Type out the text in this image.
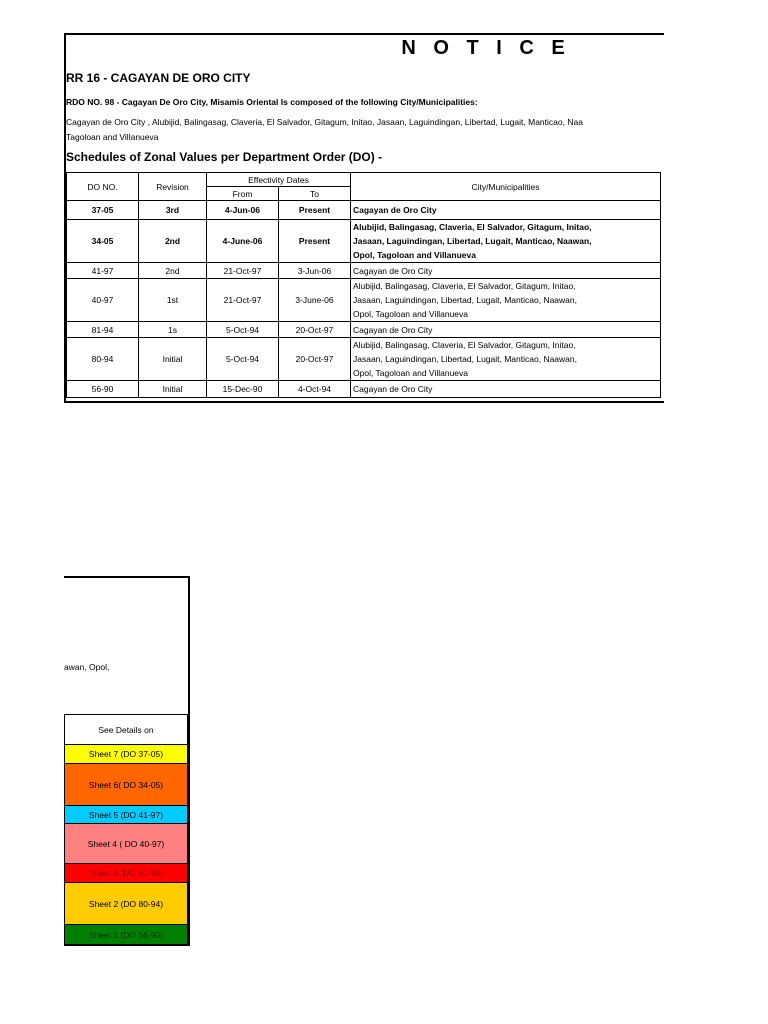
N O T I C E
RR 16 - CAGAYAN DE ORO CITY
RDO NO. 98 - Cagayan De Oro City, Misamis Oriental Is composed of the following City/Municipalities:
Cagayan de Oro City , Alubijid, Balingasag, Claveria, El Salvador, Gitagum, Initao, Jasaan, Laguindingan, Libertad, Lugait, Manticao, Naa
Tagoloan and Villanueva
Schedules of Zonal Values per Department Order (DO) -
DO NO.	Revision	Effectivity Dates		City/Municipalities
		From	To	
37-05	3rd	4-Jun-06	Present	Cagayan de Oro City

34-05	2nd	4-June-06	Present	Alubijid, Balingasag, Claveria, El Salvador, Gitagum, Initao,
Jasaan, Laguindingan, Libertad, Lugait, Manticao, Naawan,
Opol, Tagoloan and Villanueva

41-97	2nd	21-Oct-97	3-Jun-06	Cagayan de Oro City

40-97	1st	21-Oct-97	3-June-06	Alubijid, Balingasag, Claveria, El Salvador, Gitagum, Initao,
Jasaan, Laguindingan, Libertad, Lugait, Manticao, Naawan,
Opol, Tagoloan and Villanueva

81-94	1s	5-Oct-94	20-Oct-97	Cagayan de Oro City

80-94	Initial	5-Oct-94	20-Oct-97	Alubijid, Balingasag, Claveria, El Salvador, Gitagum, Initao,
Jasaan, Laguindingan, Libertad, Lugait, Manticao, Naawan,
Opol, Tagoloan and Villanueva

56-90	Initial	15-Dec-90	4-Oct-94	Cagayan de Oro City
awan, Opol,
See Details on
Sheet 7 (DO 37-05)
Sheet 6( DO 34-05)
Sheet 5 (DO 41-97)
Sheet 4 ( DO 40-97)
Sheet 3 (DO 81-94)
Sheet 2 (DO 80-94)
Sheet 1 (DO 56-90)
